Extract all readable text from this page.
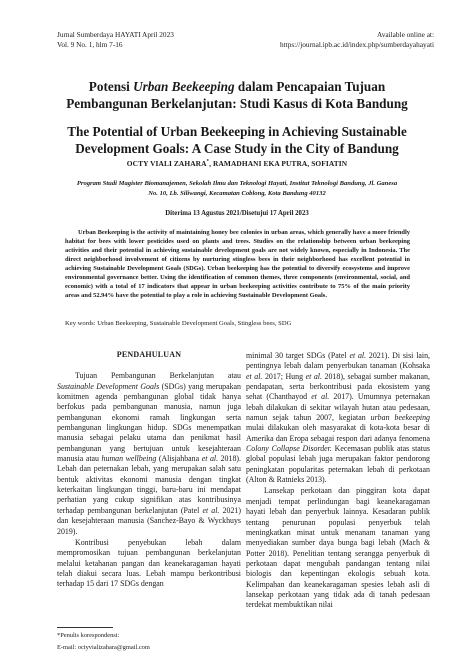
Jurnal Sumberdaya HAYATI April 2023
Vol. 9 No. 1, hlm 7-16
Available online at:
https://journal.ipb.ac.id/index.php/sumberdayahayati
Potensi Urban Beekeeping dalam Pencapaian Tujuan
Pembangunan Berkelanjutan: Studi Kasus di Kota Bandung
The Potential of Urban Beekeeping in Achieving Sustainable
Development Goals: A Case Study in the City of Bandung
OCTY VIALI ZAHARA*, RAMADHANI EKA PUTRA, SOFIATIN
Program Studi Magister Biomanajemen, Sekolah Ilmu dan Teknologi Hayati, Institut Teknologi Bandung, Jl. Ganesa
No. 10, Lb. Siliwangi, Kecamatan Coblong, Kota Bandung 40132
Diterima 13 Agustus 2021/Disetujui 17 April 2023

Urban Beekeeping is the activity of maintaining honey bee colonies in urban areas, which generally have a more friendly habitat for bees with lower pesticides used on plants and trees. Studies on the relationship between urban beekeeping activities and their potential in achieving sustainable development goals are not widely known, especially in Indonesia. The direct neighborhood involvement of citizens by nurturing stingless bees in their neighborhood has excellent potential in achieving Sustainable Development Goals (SDGs). Urban beekeeping has the potential to diversify ecosystems and improve environmental governance better. Using the identification of common themes, three components (environmental, social, and economic) with a total of 17 indicators that appear in urban beekeeping activities contribute to 75% of the main priority areas and 52.94% have the potential to play a role in achieving Sustainable Development Goals.

Key words: Urban Beekeeping, Sustainable Development Goals, Stingless bees, SDG
PENDAHULUAN

Tujuan Pembangunan Berkelanjutan atau Sustainable Development Goals (SDGs) yang merupakan komitmen agenda pembangunan global tidak hanya berfokus pada pembangunan manusia, namun juga pembangunan ekonomi ramah lingkungan serta pembangunan lingkungan hidup. SDGs menempatkan manusia sebagai pelaku utama dan penikmat hasil pembangunan yang bertujuan untuk kesejahteraan manusia atau human wellbeing (Alisjahbana et al. 2018). Lebah dan peternakan lebah, yang merupakan salah satu bentuk aktivitas ekonomi manusia dengan tingkat keterkaitan lingkungan tinggi, baru-baru ini mendapat perhatian yang cukup signifikan atas kontribusinya terhadap pembangunan berkelanjutan (Patel et al. 2021) dan kesejahteraan manusia (Sanchez-Bayo & Wyckhuys 2019).

Kontribusi penyebukan lebah dalam mempromosikan tujuan pembangunan berkelanjutan melalui ketahanan pangan dan keanekaragaman hayati telah diakui secara luas. Lebah mampu berkontribusi terhadap 15 dari 17 SDGs dengan

minimal 30 target SDGs (Patel et al. 2021). Di sisi lain, pentingnya lebah dalam penyerbukan tanaman (Kohsaka et al. 2017; Hung et al. 2018), sebagai sumber makanan, pendapatan, serta berkontribusi pada ekosistem yang sehat (Chanthayod et al. 2017). Umumnya peternakan lebah dilakukan di sekitar wilayah hutan atau pedesaan, namun sejak tahun 2007, kegiatan urban beekeeping mulai dilakukan oleh masyarakat di kota-kota besar di Amerika dan Eropa sebagai respon dari adanya fenomena Colony Collapse Disorder. Kecemasan publik atas status global populasi lebah juga merupakan faktor pendorong peningkatan popularitas peternakan lebah di perkotaan (Alton & Ratnieks 2013).

Lansekap perkotaan dan pinggiran kota dapat menjadi tempat perlindungan bagi keanekaragaman hayati lebah dan penyerbuk lainnya. Kesadaran publik tentang penurunan populasi penyerbuk telah meningkatkan minat untuk menanam tanaman yang menyediakan sumber daya bunga bagi lebah (Mach & Potter 2018). Penelitian tentang serangga penyerbuk di perkotaan dapat mengubah pandangan tentang nilai biologis dan kepentingan ekologis sebuah kota. Kelimpahan dan keanekaragaman spesies lebah asli di lansekap perkotaan yang tidak ada di tanah pedesaan terdekat membuktikan nilai

*Penulis korespondensi:
E-mail: octyvializahara@gmail.com
